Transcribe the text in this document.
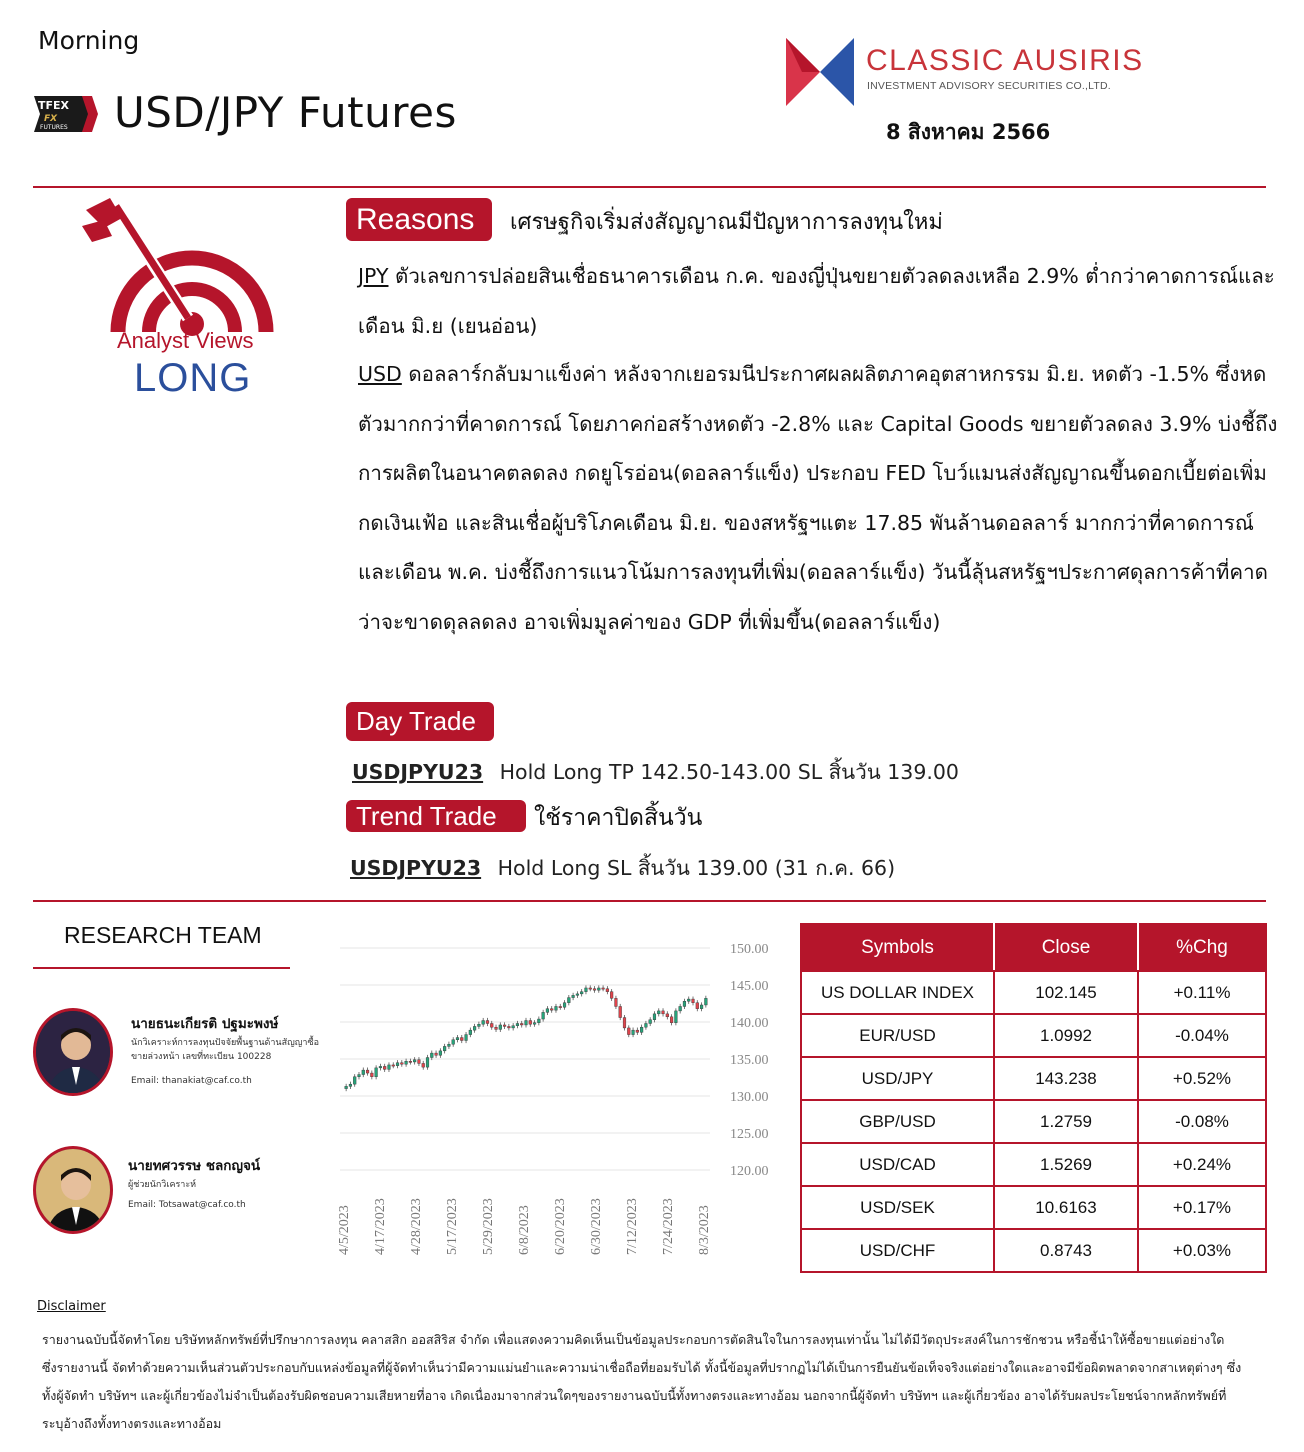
Morning
TFEX
FX
FUTURES USD/JPY Futures
CLASSIC AUSIRIS
INVESTMENT ADVISORY SECURITIES CO.,LTD.
8 สิงหาคม 2566
Analyst Views
LONG
Reasons	เศรษฐกิจเริ่มส่งสัญญาณมีปัญหาการลงทุนใหม่
JPY ตัวเลขการปล่อยสินเชื่อธนาคารเดือน ก.ค. ของญี่ปุ่นขยายตัวลดลงเหลือ 2.9% ต่ำกว่าคาดการณ์และเดือน มิ.ย (เยนอ่อน)
USD ดอลลาร์กลับมาแข็งค่า หลังจากเยอรมนีประกาศผลผลิตภาคอุตสาหกรรม มิ.ย. หดตัว -1.5% ซึ่งหดตัวมากกว่าที่คาดการณ์ โดยภาคก่อสร้างหดตัว -2.8% และ Capital Goods ขยายตัวลดลง 3.9% บ่งชี้ถึงการผลิตในอนาคตลดลง กดยูโรอ่อน(ดอลลาร์แข็ง) ประกอบ FED โบว์แมนส่งสัญญาณขึ้นดอกเบี้ยต่อเพิ่มกดเงินเฟ้อ และสินเชื่อผู้บริโภคเดือน มิ.ย. ของสหรัฐฯแตะ 17.85 พันล้านดอลลาร์ มากกว่าที่คาดการณ์และเดือน พ.ค. บ่งชี้ถึงการแนวโน้มการลงทุนที่เพิ่ม(ดอลลาร์แข็ง) วันนี้ลุ้นสหรัฐฯประกาศดุลการค้าที่คาดว่าจะขาดดุลลดลง อาจเพิ่มมูลค่าของ GDP ที่เพิ่มขึ้น(ดอลลาร์แข็ง)
Day Trade
USDJPYU23 Hold Long TP 142.50-143.00 SL สิ้นวัน 139.00
Trend Trade	ใช้ราคาปิดสิ้นวัน
USDJPYU23 Hold Long SL สิ้นวัน 139.00 (31 ก.ค. 66)
RESEARCH TEAM
นายธนะเกียรติ ปฐมะพงษ์
นักวิเคราะห์การลงทุนปัจจัยพื้นฐานด้านสัญญาซื้อขายล่วงหน้า เลขที่ทะเบียน 100228
Email: thanakiat@caf.co.th
นายทศวรรษ ชลกญจน์
ผู้ช่วยนักวิเคราะห์
Email: Totsawat@caf.co.th
150.00
145.00
140.00
135.00
130.00
125.00
120.00
4/5/2023 4/17/2023 4/28/2023 5/17/2023 5/29/2023 6/8/2023 6/20/2023 6/30/2023 7/12/2023 7/24/2023 8/3/2023
Symbols	Close	%Chg
US DOLLAR INDEX	102.145	+0.11%
EUR/USD	1.0992	-0.04%
USD/JPY	143.238	+0.52%
GBP/USD	1.2759	-0.08%
USD/CAD	1.5269	+0.24%
USD/SEK	10.6163	+0.17%
USD/CHF	0.8743	+0.03%
Disclaimer
รายงานฉบับนี้จัดทำโดย บริษัทหลักทรัพย์ที่ปรึกษาการลงทุน คลาสสิก ออสสิริส จำกัด เพื่อแสดงความคิดเห็นเป็นข้อมูลประกอบการตัดสินใจในการลงทุนเท่านั้น ไม่ได้มีวัตถุประสงค์ในการชักชวน หรือชี้นำให้ซื้อขายแต่อย่างใด ซึ่งรายงานนี้ จัดทำด้วยความเห็นส่วนตัวประกอบกับแหล่งข้อมูลที่ผู้จัดทำเห็นว่ามีความแม่นยำและความน่าเชื่อถือที่ยอมรับได้ ทั้งนี้ข้อมูลที่ปรากฏไม่ได้เป็นการยืนยันข้อเท็จจริงแต่อย่างใดและอาจมีข้อผิดพลาดจากสาเหตุต่างๆ ซึ่งทั้งผู้จัดทำ บริษัทฯ และผู้เกี่ยวข้องไม่จำเป็นต้องรับผิดชอบความเสียหายที่อาจ เกิดเนื่องมาจากส่วนใดๆของรายงานฉบับนี้ทั้งทางตรงและทางอ้อม นอกจากนี้ผู้จัดทำ บริษัทฯ และผู้เกี่ยวข้อง อาจได้รับผลประโยชน์จากหลักทรัพย์ที่ระบุอ้างถึงทั้งทางตรงและทางอ้อม
